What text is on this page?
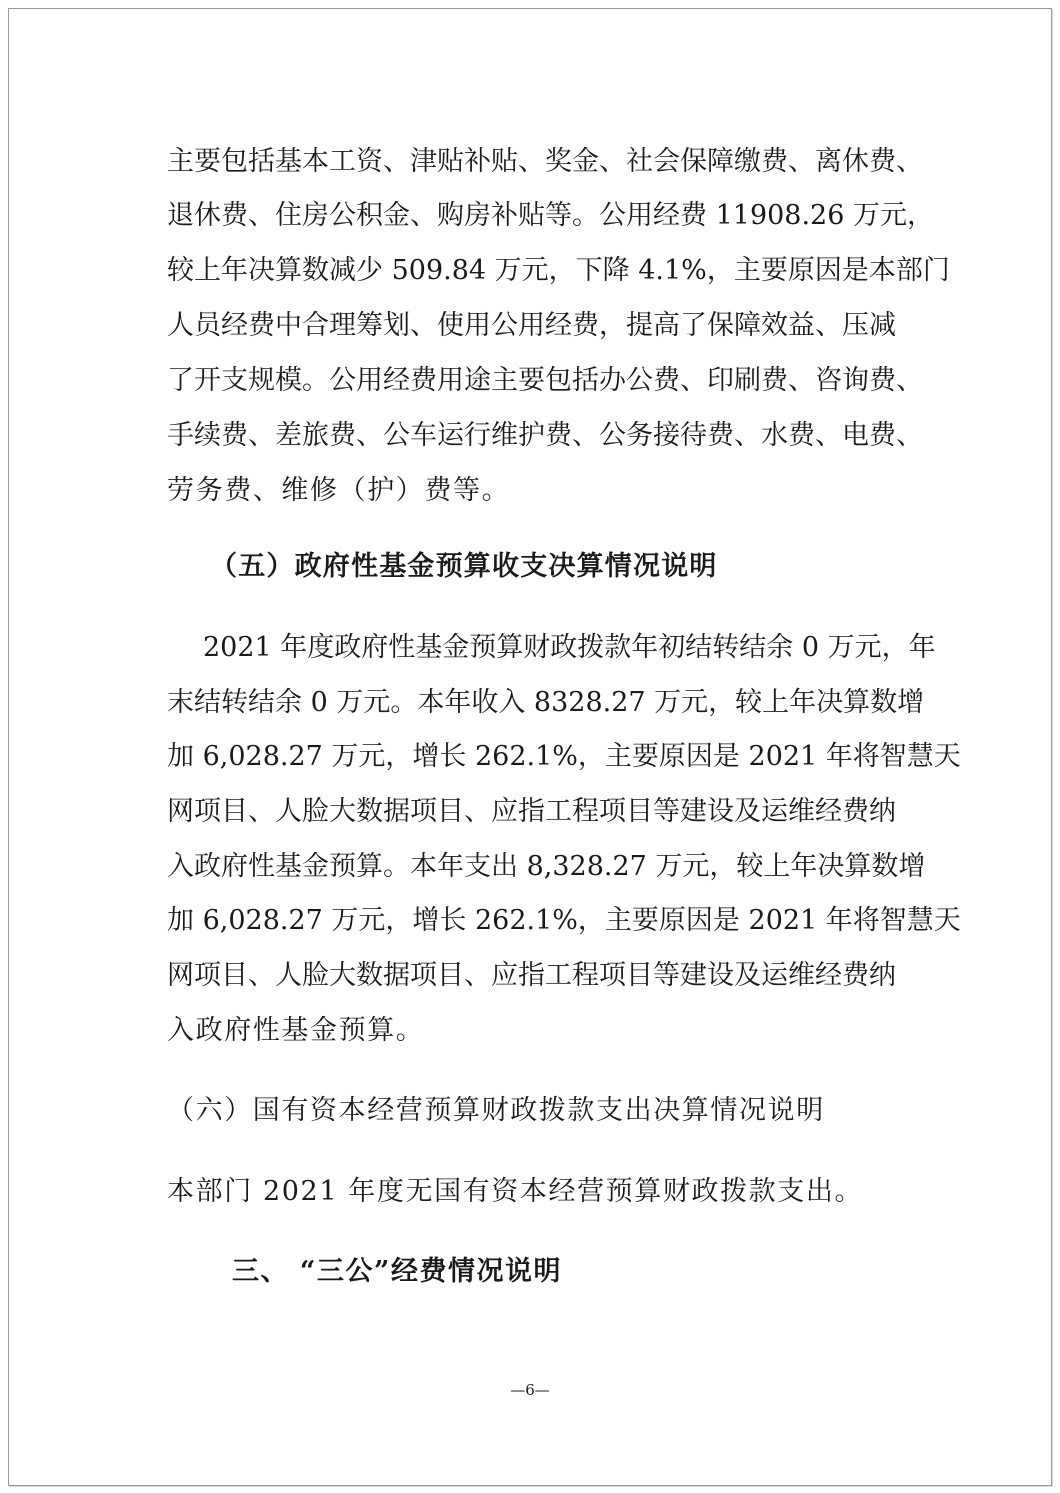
主要包括基本工资、津贴补贴、奖金、社会保障缴费、离休费、

退休费、住房公积金、购房补贴等。公用经费 11908.26 万元，

较上年决算数减少 509.84 万元，下降 4.1%，主要原因是本部门

人员经费中合理筹划、使用公用经费，提高了保障效益、压减

了开支规模。公用经费用途主要包括办公费、印刷费、咨询费、

手续费、差旅费、公车运行维护费、公务接待费、水费、电费、

劳务费、维修（护）费等。

（五）政府性基金预算收支决算情况说明

2021 年度政府性基金预算财政拨款年初结转结余 0 万元，年

末结转结余 0 万元。本年收入 8328.27 万元，较上年决算数增

加 6,028.27 万元，增长 262.1%，主要原因是 2021 年将智慧天

网项目、人脸大数据项目、应指工程项目等建设及运维经费纳

入政府性基金预算。本年支出 8,328.27 万元，较上年决算数增

加 6,028.27 万元，增长 262.1%，主要原因是 2021 年将智慧天

网项目、人脸大数据项目、应指工程项目等建设及运维经费纳

入政府性基金预算。

（六）国有资本经营预算财政拨款支出决算情况说明

本部门 2021 年度无国有资本经营预算财政拨款支出。

三、 “三公”经费情况说明

—6—
